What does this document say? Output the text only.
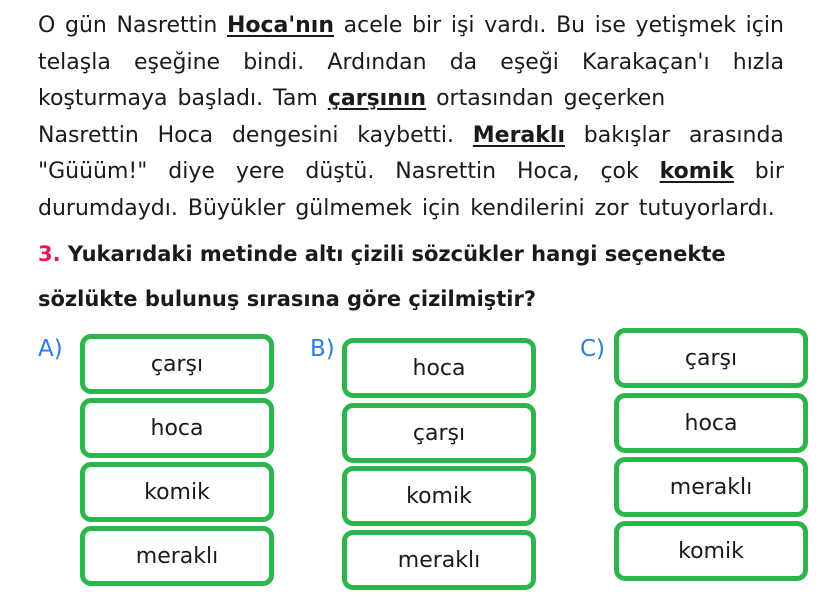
O gün Nasrettin Hoca'nın acele bir işi vardı. Bu ise yetişmek için
telaşla eşeğine bindi. Ardından da eşeği Karakaçan'ı hızla
koşturmaya başladı. Tam çarşının ortasından geçerken
Nasrettin Hoca dengesini kaybetti. Meraklı bakışlar arasında
"Güüüm!" diye yere düştü. Nasrettin Hoca, çok komik bir
durumdaydı. Büyükler gülmemek için kendilerini zor tutuyorlardı.
3. Yukarıdaki metinde altı çizili sözcükler hangi seçenekte sözlükte bulunuş sırasına göre çizilmiştir?
A)
çarşı
hoca
komik
meraklı
B)
hoca
çarşı
komik
meraklı
C)	çarşı
hoca
meraklı
komik
